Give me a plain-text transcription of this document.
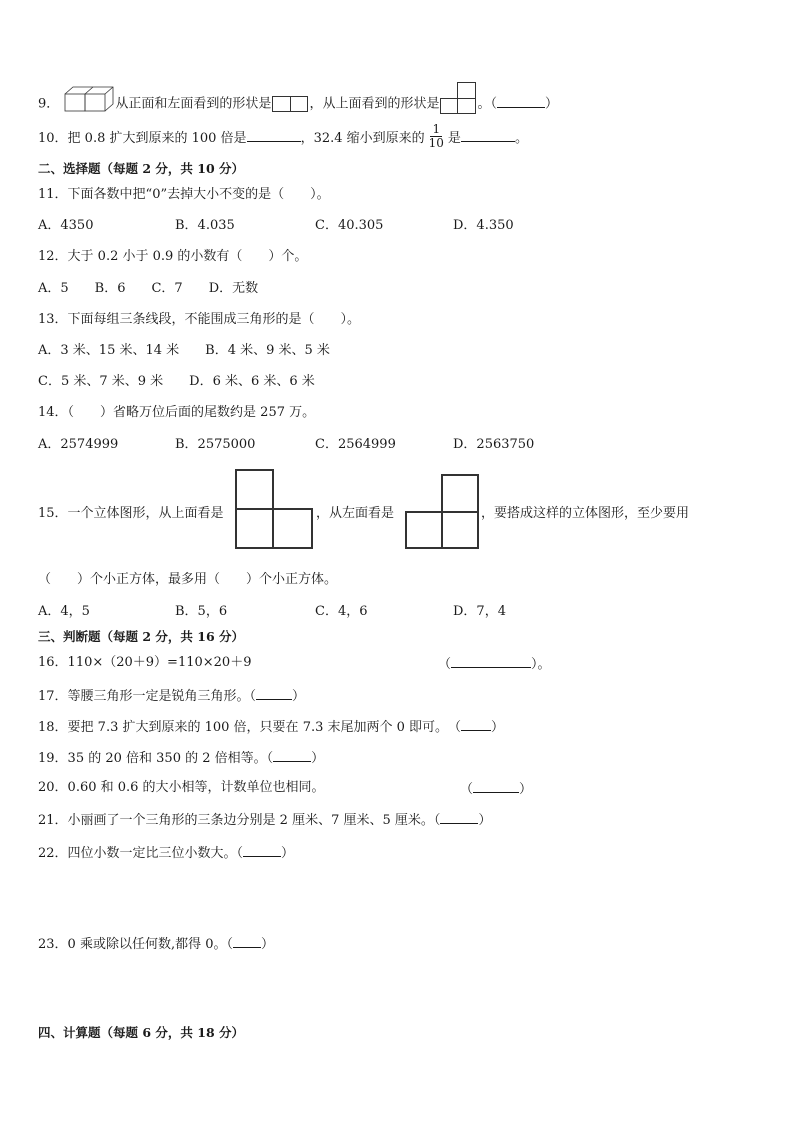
9．	从正面和左面看到的形状是	，从上面看到的形状是	。（	）
10．把 0.8 扩大到原来的 100 倍是	，32.4 缩小到原来的 $\frac{1}{10}$ 是	。
二、选择题（每题 2 分，共 10 分）
11．下面各数中把“0”去掉大小不变的是（　　）。
A．4350	B．4.035	C．40.305	D．4.350
12．大于 0.2 小于 0.9 的小数有（　　）个。
A．5　　B．6　　C．7　　D．无数
13．下面每组三条线段，不能围成三角形的是（　　）。
A．3 米、15 米、14 米　　B．4 米、9 米、5 米
C．5 米、7 米、9 米　　D．6 米、6 米、6 米
14．（　　）省略万位后面的尾数约是 257 万。
A．2574999	B．2575000	C．2564999	D．2563750
15．一个立体图形，从上面看是	，从左面看是	，要搭成这样的立体图形，至少要用
（　　）个小正方体，最多用（　　）个小正方体。
A．4，5	B．5，6	C．4，6	D．7，4
三、判断题（每题 2 分，共 16 分）
16．110×（20＋9）=110×20＋9	（	）。
17．等腰三角形一定是锐角三角形。（	）
18．要把 7.3 扩大到原来的 100 倍，只要在 7.3 末尾加两个 0 即可。　（ ）
19．35 的 20 倍和 350 的 2 倍相等。（	）
20．0.60 和 0.6 的大小相等，计数单位也相同。	（	）
21．小丽画了一个三角形的三条边分别是 2 厘米、7 厘米、5 厘米。（	）
22．四位小数一定比三位小数大。（	）
23．0 乘或除以任何数,都得 0。（ ）
四、计算题（每题 6 分，共 18 分）
